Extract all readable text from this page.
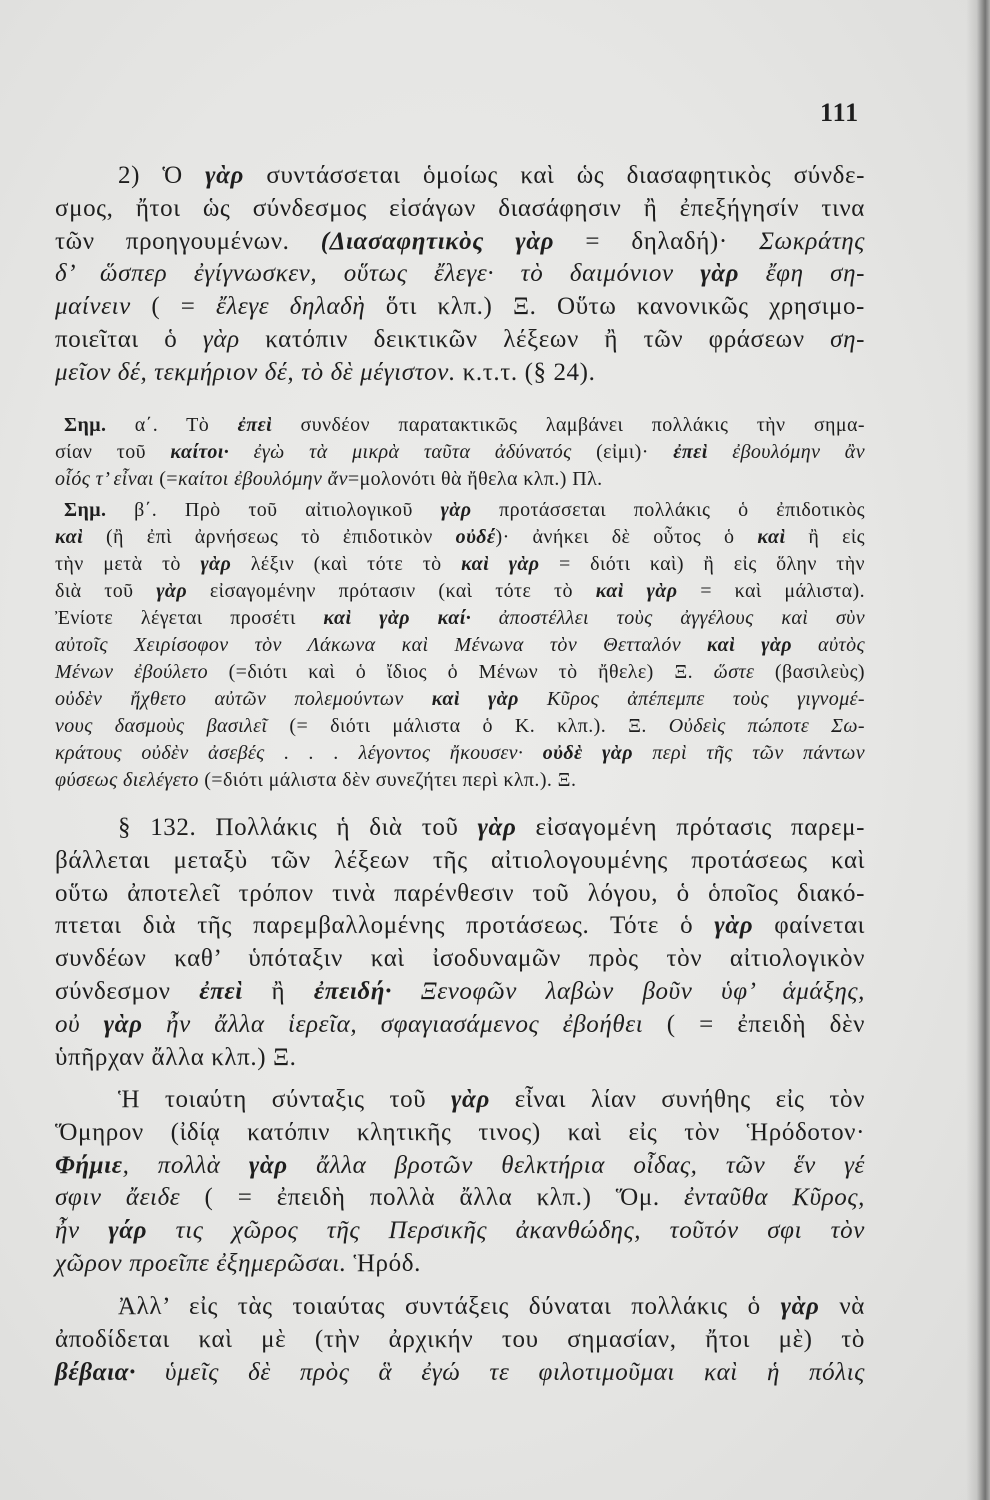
111
2) Ὁ γὰρ συντάσσεται ὁμοίως καὶ ὡς διασαφητικὸς σύνδε-
σμος, ἤτοι ὡς σύνδεσμος εἰσάγων διασάφησιν ἢ ἐπεξήγησίν τινα
τῶν προηγουμένων. (Διασαφητικὸς γὰρ = δηλαδή)· Σωκράτης
δ’ ὥσπερ ἐγίγνωσκεν, οὕτως ἔλεγε· τὸ δαιμόνιον γὰρ ἔφη ση-
μαίνειν ( = ἔλεγε δηλαδὴ ὅτι κλπ.) Ξ. Οὕτω κανονικῶς χρησιμο-
ποιεῖται ὁ γὰρ κατόπιν δεικτικῶν λέξεων ἢ τῶν φράσεων ση-
μεῖον δέ, τεκμήριον δέ, τὸ δὲ μέγιστον. κ.τ.τ. (§ 24).
Σημ. α΄. Τὸ ἐπεὶ συνδέον παρατακτικῶς λαμβάνει πολλάκις τὴν σημα-
σίαν τοῦ καίτοι· ἐγὼ τὰ μικρὰ ταῦτα ἀδύνατός (εἰμι)· ἐπεὶ ἐβουλόμην ἂν
οἷός τ’ εἶναι (=καίτοι ἐβουλόμην ἄν=μολονότι θὰ ἤθελα κλπ.) Πλ.
Σημ. β΄. Πρὸ τοῦ αἰτιολογικοῦ γὰρ προτάσσεται πολλάκις ὁ ἐπιδοτικὸς
καὶ (ἢ ἐπὶ ἀρνήσεως τὸ ἐπιδοτικὸν οὐδέ)· ἀνήκει δὲ οὗτος ὁ καὶ ἢ εἰς
τὴν μετὰ τὸ γὰρ λέξιν (καὶ τότε τὸ καὶ γὰρ = διότι καὶ) ἢ εἰς ὅλην τὴν
διὰ τοῦ γὰρ εἰσαγομένην πρότασιν (καὶ τότε τὸ καὶ γὰρ = καὶ μάλιστα).
Ἐνίοτε λέγεται προσέτι καὶ γὰρ καί· ἀποστέλλει τοὺς ἀγγέλους καὶ σὺν
αὐτοῖς Χειρίσοφον τὸν Λάκωνα καὶ Μένωνα τὸν Θετταλόν καὶ γὰρ αὐτὸς
Μένων ἐβούλετο (=διότι καὶ ὁ ἴδιος ὁ Μένων τὸ ἤθελε) Ξ. ὥστε (βασιλεὺς)
οὐδὲν ἤχθετο αὐτῶν πολεμούντων καὶ γὰρ Κῦρος ἀπέπεμπε τοὺς γιγνομέ-
νους δασμοὺς βασιλεῖ (= διότι μάλιστα ὁ Κ. κλπ.). Ξ. Οὐδεὶς πώποτε Σω-
κράτους οὐδὲν ἀσεβές . . . λέγοντος ἤκουσεν· οὐδὲ γὰρ περὶ τῆς τῶν πάντων
φύσεως διελέγετο (=διότι μάλιστα δὲν συνεζήτει περὶ κλπ.). Ξ.
§ 132. Πολλάκις ἡ διὰ τοῦ γὰρ εἰσαγομένη πρότασις παρεμ-
βάλλεται μεταξὺ τῶν λέξεων τῆς αἰτιολογουμένης προτάσεως καὶ
οὕτω ἀποτελεῖ τρόπον τινὰ παρένθεσιν τοῦ λόγου, ὁ ὁποῖος διακό-
πτεται διὰ τῆς παρεμβαλλομένης προτάσεως. Τότε ὁ γὰρ φαίνεται
συνδέων καθ’ ὑπόταξιν καὶ ἰσοδυναμῶν πρὸς τὸν αἰτιολογικὸν
σύνδεσμον ἐπεὶ ἢ ἐπειδή· Ξενοφῶν λαβὼν βοῦν ὑφ’ ἁμάξης,
οὐ γὰρ ἦν ἄλλα ἱερεῖα, σφαγιασάμενος ἐβοήθει ( = ἐπειδὴ δὲν
ὑπῆρχαν ἄλλα κλπ.) Ξ.
Ἡ τοιαύτη σύνταξις τοῦ γὰρ εἶναι λίαν συνήθης εἰς τὸν
Ὅμηρον (ἰδίᾳ κατόπιν κλητικῆς τινος) καὶ εἰς τὸν Ἡρόδοτον·
Φήμιε, πολλὰ γὰρ ἄλλα βροτῶν θελκτήρια οἶδας, τῶν ἕν γέ
σφιν ἄειδε ( = ἐπειδὴ πολλὰ ἄλλα κλπ.) Ὅμ. ἐνταῦθα Κῦρος,
ἦν γάρ τις χῶρος τῆς Περσικῆς ἀκανθώδης, τοῦτόν σφι τὸν
χῶρον προεῖπε ἐξημερῶσαι. Ἡρόδ.
Ἀλλ’ εἰς τὰς τοιαύτας συντάξεις δύναται πολλάκις ὁ γὰρ νὰ
ἀποδίδεται καὶ μὲ (τὴν ἀρχικήν του σημασίαν, ἤτοι μὲ) τὸ
βέβαια· ὑμεῖς δὲ πρὸς ἃ ἐγώ τε φιλοτιμοῦμαι καὶ ἡ πόλις
